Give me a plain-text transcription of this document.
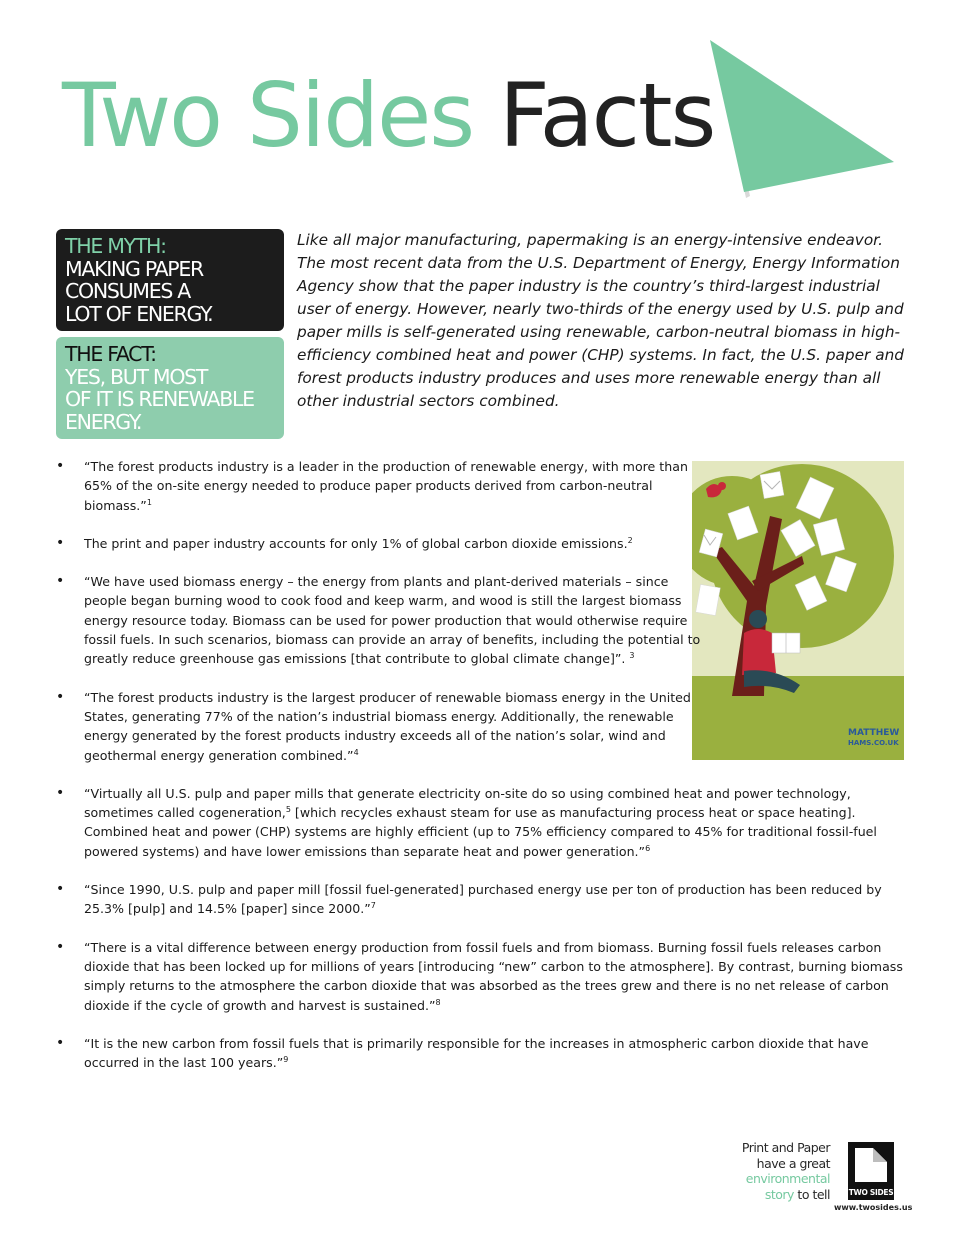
Two Sides Facts
THE MYTH:
MAKING PAPER
CONSUMES A
LOT OF ENERGY.
THE FACT:
YES, BUT MOST
OF IT IS RENEWABLE
ENERGY.

Like all major manufacturing, papermaking is an energy-intensive endeavor. The most recent data from the U.S. Department of Energy, Energy Information Agency show that the paper industry is the country’s third-largest industrial user of energy. However, nearly two-thirds of the energy used by U.S. pulp and paper mills is self-generated using renewable, carbon-neutral biomass in high-efficiency combined heat and power (CHP) systems. In fact, the U.S. paper and forest products industry produces and uses more renewable energy than all other industrial sectors combined.

MATTHEW
HAMS.CO.UK
• “The forest products industry is a leader in the production of renewable energy, with more than 65% of the on-site energy needed to produce paper products derived from carbon-neutral biomass.”$^1$
• The print and paper industry accounts for only 1% of global carbon dioxide emissions.$^2$
• “We have used biomass energy – the energy from plants and plant-derived materials – since people began burning wood to cook food and keep warm, and wood is still the largest biomass energy resource today. Biomass can be used for power production that would otherwise require fossil fuels. In such scenarios, biomass can provide an array of benefits, including the potential to greatly reduce greenhouse gas emissions [that contribute to global climate change]”. $^3$
• “The forest products industry is the largest producer of renewable biomass energy in the United States, generating 77% of the nation’s industrial biomass energy. Additionally, the renewable energy generated by the forest products industry exceeds all of the nation’s solar, wind and geothermal energy generation combined.”$^4$
• “Virtually all U.S. pulp and paper mills that generate electricity on-site do so using combined heat and power technology, sometimes called cogeneration,$^5$ [which recycles exhaust steam for use as manufacturing process heat or space heating]. Combined heat and power (CHP) systems are highly efficient (up to 75% efficiency compared to 45% for traditional fossil-fuel powered systems) and have lower emissions than separate heat and power generation.”$^6$
• “Since 1990, U.S. pulp and paper mill [fossil fuel-generated] purchased energy use per ton of production has been reduced by 25.3% [pulp] and 14.5% [paper] since 2000.”$^7$
• “There is a vital difference between energy production from fossil fuels and from biomass. Burning fossil fuels releases carbon dioxide that has been locked up for millions of years [introducing “new” carbon to the atmosphere]. By contrast, burning biomass simply returns to the atmosphere the carbon dioxide that was absorbed as the trees grew and there is no net release of carbon dioxide if the cycle of growth and harvest is sustained.”$^8$
• “It is the new carbon from fossil fuels that is primarily responsible for the increases in atmospheric carbon dioxide that have occurred in the last 100 years.”$^9$
Print and Paper
have a great
environmental
story to tell TWO SIDES
www.twosides.us
